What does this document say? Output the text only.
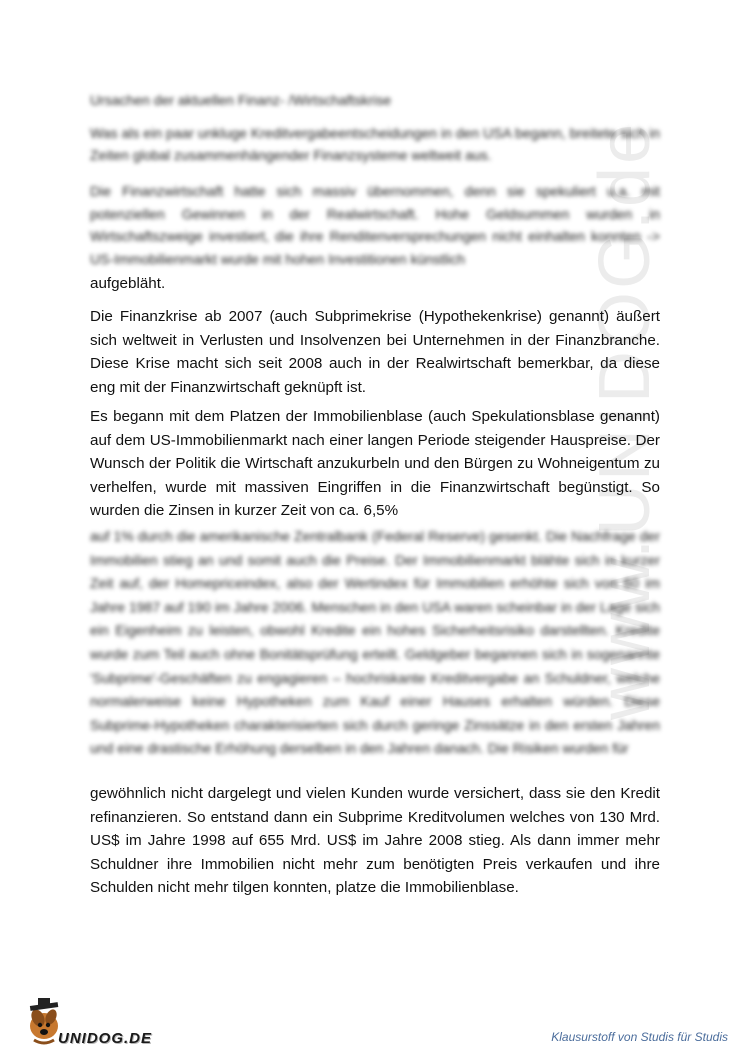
www.UNIDOG.de
Ursachen der aktuellen Finanz- /Wirtschaftskrise

Was als ein paar unkluge Kreditvergabeentscheidungen in den USA begann, breitete sich in Zeiten global zusammenhängender Finanzsysteme weltweit aus.

Die Finanzwirtschaft hatte sich massiv übernommen, denn sie spekuliert u.a. mit potenziellen Gewinnen in der Realwirtschaft. Hohe Geldsummen wurden in Wirtschaftszweige investiert, die ihre Renditenversprechungen nicht einhalten konnten -> US-Immobilienmarkt wurde mit hohen Investitionen künstlich

aufgebläht.

Die Finanzkrise ab 2007 (auch Subprimekrise (Hypothekenkrise) genannt) äußert sich weltweit in Verlusten und Insolvenzen bei Unternehmen in der Finanzbranche. Diese Krise macht sich seit 2008 auch in der Realwirtschaft bemerkbar, da diese eng mit der Finanzwirtschaft geknüpft ist.

Es begann mit dem Platzen der Immobilienblase (auch Spekulationsblase genannt) auf dem US-Immobilienmarkt nach einer langen Periode steigender Hauspreise. Der Wunsch der Politik die Wirtschaft anzukurbeln und den Bürgen zu Wohneigentum zu verhelfen, wurde mit massiven Eingriffen in die Finanzwirtschaft begünstigt. So wurden die Zinsen in kurzer Zeit von ca. 6,5%

auf 1% durch die amerikanische Zentralbank (Federal Reserve) gesenkt. Die Nachfrage der Immobilien stieg an und somit auch die Preise. Der Immobilienmarkt blähte sich in kurzer Zeit auf, der Homepriceindex, also der Wertindex für Immobilien erhöhte sich von 60 im Jahre 1987 auf 190 im Jahre 2006. Menschen in den USA waren scheinbar in der Lage sich ein Eigenheim zu leisten, obwohl Kredite ein hohes Sicherheitsrisiko darstellten. Kredite wurde zum Teil auch ohne Bonitätsprüfung erteilt. Geldgeber begannen sich in sogenannte 'Subprime'-Geschäften zu engagieren – hochriskante Kreditvergabe an Schuldner, welche normalerweise keine Hypotheken zum Kauf einer Hauses erhalten würden. Diese Subprime-Hypotheken charakterisierten sich durch geringe Zinssätze in den ersten Jahren und eine drastische Erhöhung derselben in den Jahren danach. Die Risiken wurden für

gewöhnlich nicht dargelegt und vielen Kunden wurde versichert, dass sie den Kredit refinanzieren. So entstand dann ein Subprime Kreditvolumen welches von 130 Mrd. US$ im Jahre 1998 auf 655 Mrd. US$ im Jahre 2008 stieg. Als dann immer mehr Schuldner ihre Immobilien nicht mehr zum benötigten Preis verkaufen und ihre Schulden nicht mehr tilgen konnten, platze die Immobilienblase.

UNIDOG.DE	Klausurstoff von Studis für Studis
